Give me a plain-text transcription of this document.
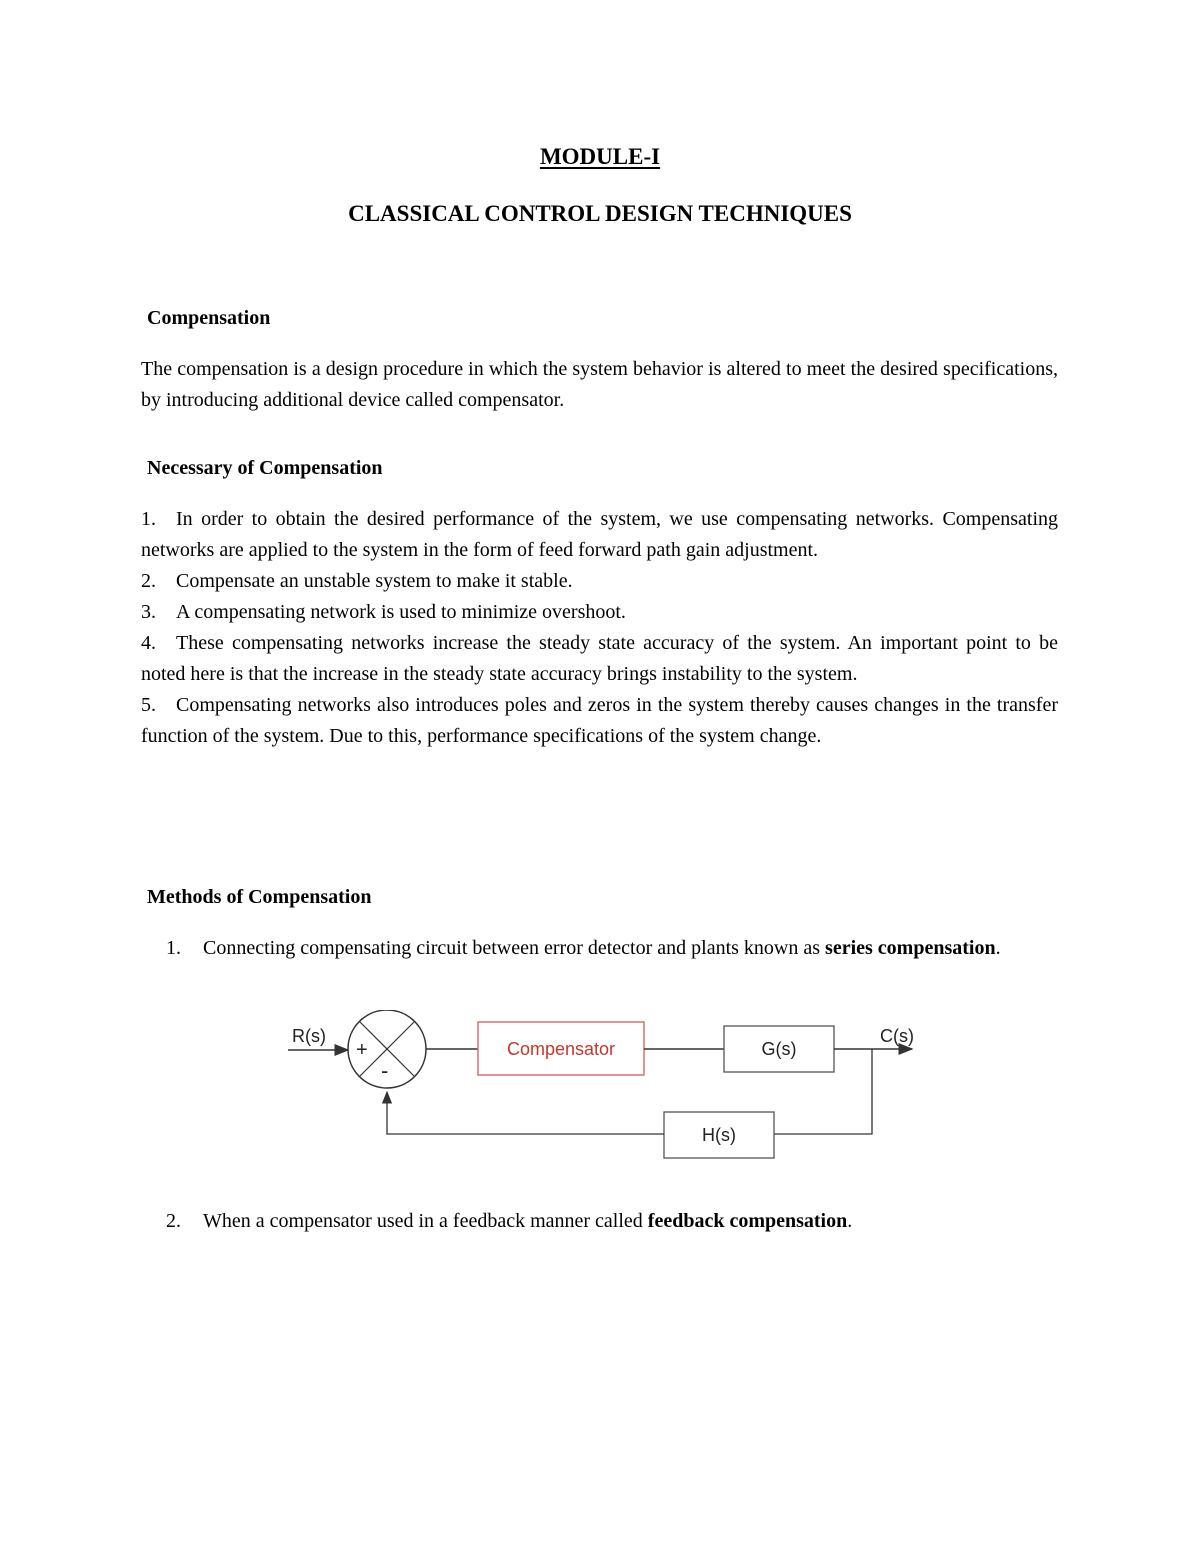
MODULE-I
CLASSICAL CONTROL DESIGN TECHNIQUES
Compensation

The compensation is a design procedure in which the system behavior is altered to meet the desired specifications, by introducing additional device called compensator.

Necessary of Compensation
1. In order to obtain the desired performance of the system, we use compensating networks. Compensating networks are applied to the system in the form of feed forward path gain adjustment.
2. Compensate an unstable system to make it stable.
3. A compensating network is used to minimize overshoot.
4. These compensating networks increase the steady state accuracy of the system. An important point to be noted here is that the increase in the steady state accuracy brings instability to the system.
5. Compensating networks also introduces poles and zeros in the system thereby causes changes in the transfer function of the system. Due to this, performance specifications of the system change.
Methods of Compensation
1.	Connecting compensating circuit between error detector and plants known as series compensation.
R(s)
+
-
Compensator	G(s)
C(s)
H(s)
2.	When a compensator used in a feedback manner called feedback compensation.
